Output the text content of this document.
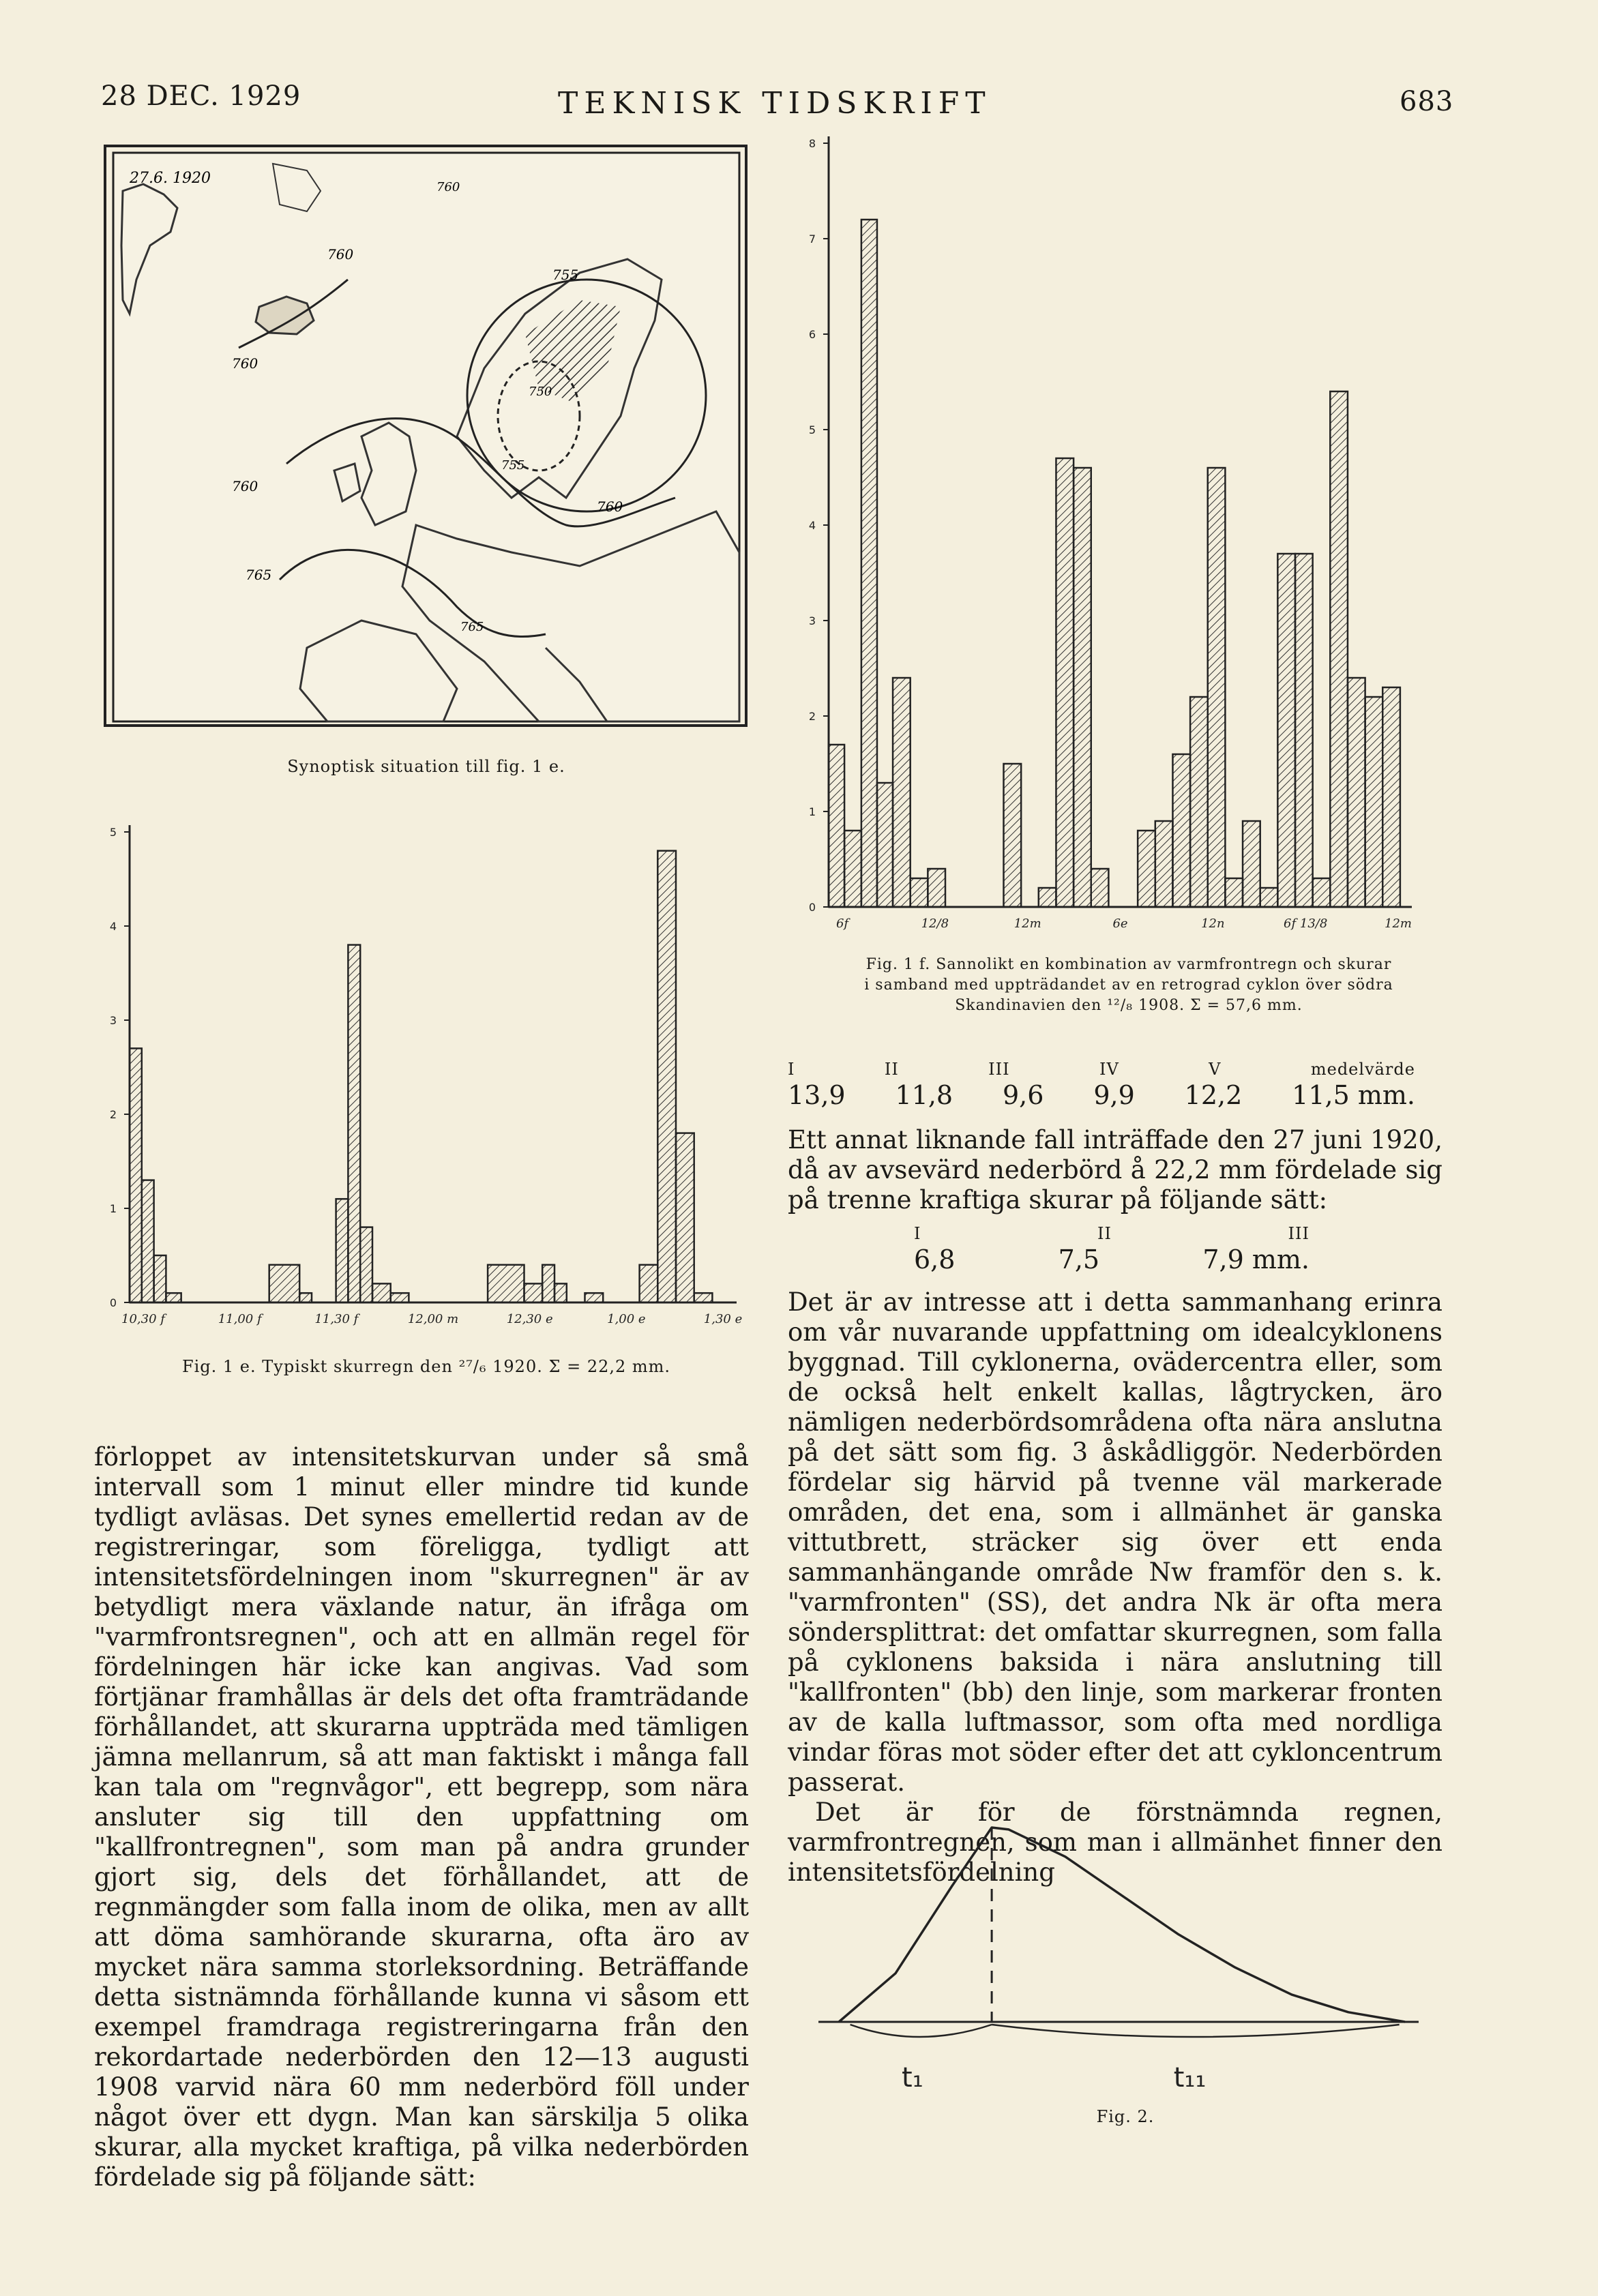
28 DEC. 1929	TEKNISK TIDSKRIFT	683
27.6. 1920
760
760
755
760
760
750
755
760
765
765
Synoptisk situation till fig. 1 e.
0
1
2
3
4
5
10,30 f	11,00 f	11,30 f	12,00 m	12,30 e	1,00 e	1,30 e
Fig. 1 e. Typiskt skurregn den ²⁷/₆ 1920. Σ = 22,2 mm.
0
1
2
3
4
5
6
7
8
6f	12/8	12m	6e	12n	6f 13/8	12m
Fig. 1 f. Sannolikt en kombination av varmfrontregn och skurar
i samband med uppträdandet av en retrograd cyklon över södra
Skandinavien den ¹²/₈ 1908. Σ = 57,6 mm.
I	II	III	IV	V	medelvärde
13,9 11,8 9,6 9,9 12,2 11,5 mm.
Ett annat liknande fall inträffade den 27 juni 1920, då av avsevärd nederbörd å 22,2 mm fördelade sig på trenne kraftiga skurar på följande sätt:
I	II	III
6,8	7,5	7,9 mm.

Det är av intresse att i detta sammanhang erinra om vår nuvarande uppfattning om idealcyklonens byggnad. Till cyklonerna, ovädercentra eller, som de också helt enkelt kallas, lågtrycken, äro nämligen nederbördsområdena ofta nära anslutna på det sätt som fig. 3 åskådliggör. Nederbörden fördelar sig härvid på tvenne väl markerade områden, det ena, som i allmänhet är ganska vittutbrett, sträcker sig över ett enda sammanhängande område Nw framför den s. k. "varmfronten" (SS), det andra Nk är ofta mera söndersplittrat: det omfattar skurregnen, som falla på cyklonens baksida i nära anslutning till "kallfronten" (bb) den linje, som markerar fronten av de kalla luftmassor, som ofta med nordliga vindar föras mot söder efter det att cykloncentrum passerat.

Det är för de förstnämnda regnen, varmfrontregnen, som man i allmänhet finner den intensitetsfördelning

t₁	t₁₁
Fig. 2.
förloppet av intensitetskurvan under så små intervall som 1 minut eller mindre tid kunde tydligt avläsas. Det synes emellertid redan av de registreringar, som föreligga, tydligt att intensitetsfördelningen inom "skurregnen" är av betydligt mera växlande natur, än ifråga om "varmfrontsregnen", och att en allmän regel för fördelningen här icke kan angivas. Vad som förtjänar framhållas är dels det ofta framträdande förhållandet, att skurarna uppträda med tämligen jämna mellanrum, så att man faktiskt i många fall kan tala om "regnvågor", ett begrepp, som nära ansluter sig till den uppfattning om "kallfrontregnen", som man på andra grunder gjort sig, dels det förhållandet, att de regnmängder som falla inom de olika, men av allt att döma samhörande skurarna, ofta äro av mycket nära samma storleksordning. Beträffande detta sistnämnda förhållande kunna vi såsom ett exempel framdraga registreringarna från den rekordartade nederbörden den 12—13 augusti 1908 varvid nära 60 mm nederbörd föll under något över ett dygn. Man kan särskilja 5 olika skurar, alla mycket kraftiga, på vilka nederbörden fördelade sig på följande sätt:
